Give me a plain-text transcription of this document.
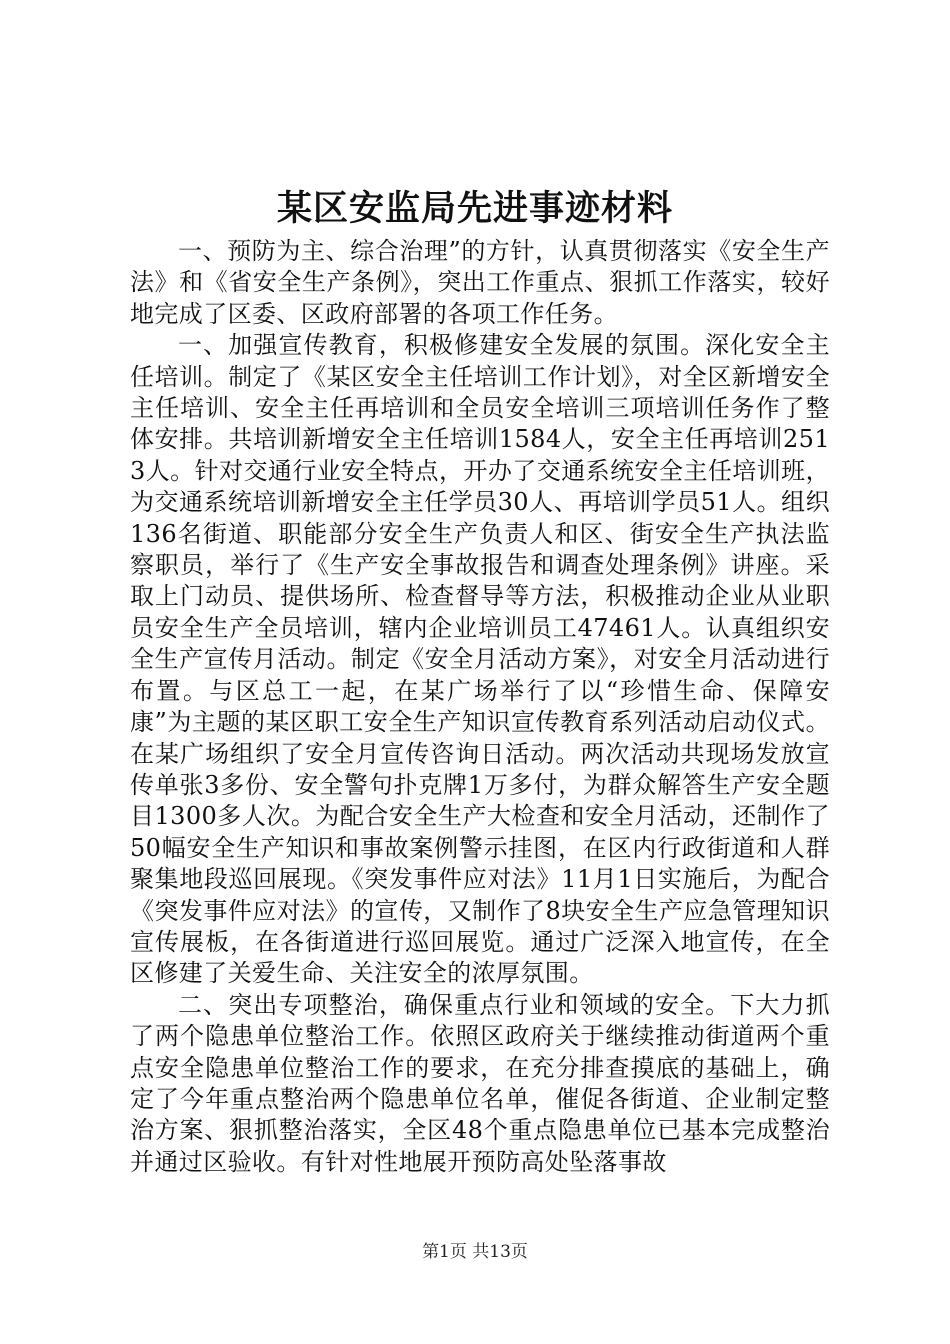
某区安监局先进事迹材料

一、预防为主、综合治理”的方针，认真贯彻落实《安全生产法》和《省安全生产条例》，突出工作重点、狠抓工作落实，较好地完成了区委、区政府部署的各项工作任务。

一、加强宣传教育，积极修建安全发展的氛围。深化安全主任培训。制定了《某区安全主任培训工作计划》，对全区新增安全主任培训、安全主任再培训和全员安全培训三项培训任务作了整体安排。共培训新增安全主任培训1584人，安全主任再培训2513人。针对交通行业安全特点，开办了交通系统安全主任培训班，为交通系统培训新增安全主任学员30人、再培训学员51人。组织136名街道、职能部分安全生产负责人和区、街安全生产执法监察职员，举行了《生产安全事故报告和调查处理条例》讲座。采取上门动员、提供场所、检查督导等方法，积极推动企业从业职员安全生产全员培训，辖内企业培训员工47461人。认真组织安全生产宣传月活动。制定《安全月活动方案》，对安全月活动进行布置。与区总工一起，在某广场举行了以“珍惜生命、保障安康”为主题的某区职工安全生产知识宣传教育系列活动启动仪式。在某广场组织了安全月宣传咨询日活动。两次活动共现场发放宣传单张3多份、安全警句扑克牌1万多付，为群众解答生产安全题目1300多人次。为配合安全生产大检查和安全月活动，还制作了50幅安全生产知识和事故案例警示挂图，在区内行政街道和人群聚集地段巡回展现。《突发事件应对法》11月1日实施后，为配合《突发事件应对法》的宣传，又制作了8块安全生产应急管理知识宣传展板，在各街道进行巡回展览。通过广泛深入地宣传，在全区修建了关爱生命、关注安全的浓厚氛围。

二、突出专项整治，确保重点行业和领域的安全。下大力抓了两个隐患单位整治工作。依照区政府关于继续推动街道两个重点安全隐患单位整治工作的要求，在充分排查摸底的基础上，确定了今年重点整治两个隐患单位名单，催促各街道、企业制定整治方案、狠抓整治落实，全区48个重点隐患单位已基本完成整治并通过区验收。有针对性地展开预防高处坠落事故

第1页 共13页
